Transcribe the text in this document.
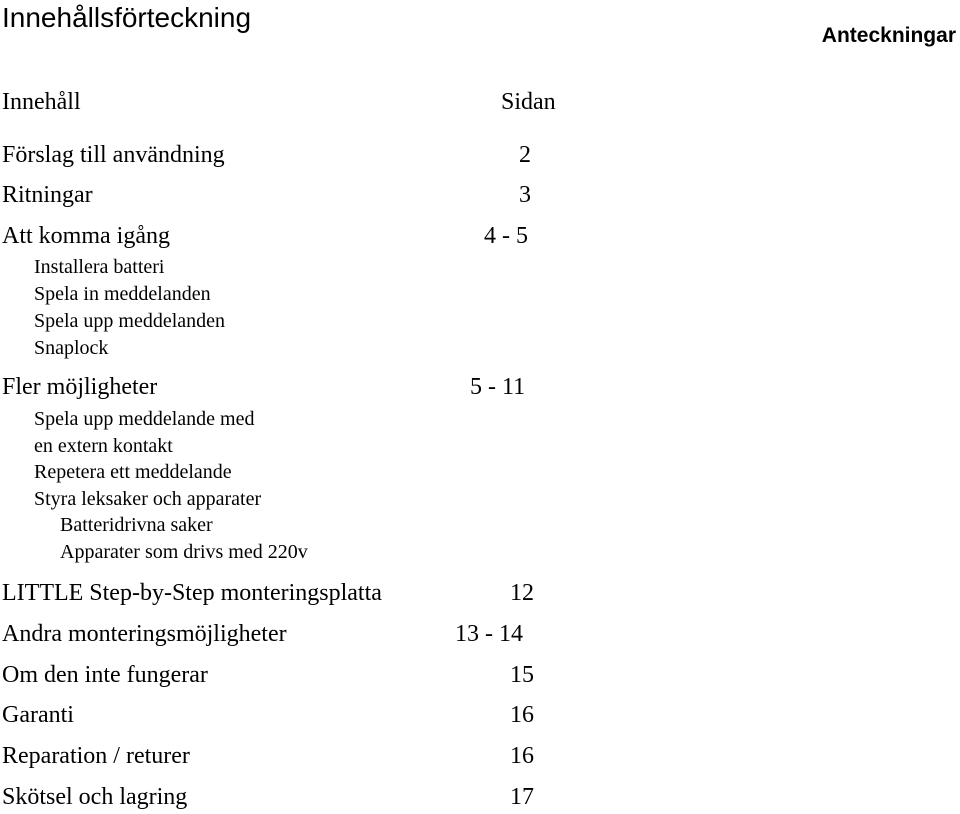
Innehållsförteckning
Anteckningar
Innehåll	Sidan
Förslag till användning	2
Ritningar	3
Att komma igång	4 - 5
Installera batteri
Spela in meddelanden
Spela upp meddelanden
Snaplock
Fler möjligheter	5 - 11
Spela upp meddelande med
en extern kontakt
Repetera ett meddelande
Styra leksaker och apparater
Batteridrivna saker
Apparater som drivs med 220v
LITTLE Step-by-Step monteringsplatta	12
Andra monteringsmöjligheter	13 - 14
Om den inte fungerar	15
Garanti	16
Reparation / returer	16
Skötsel och lagring	17
